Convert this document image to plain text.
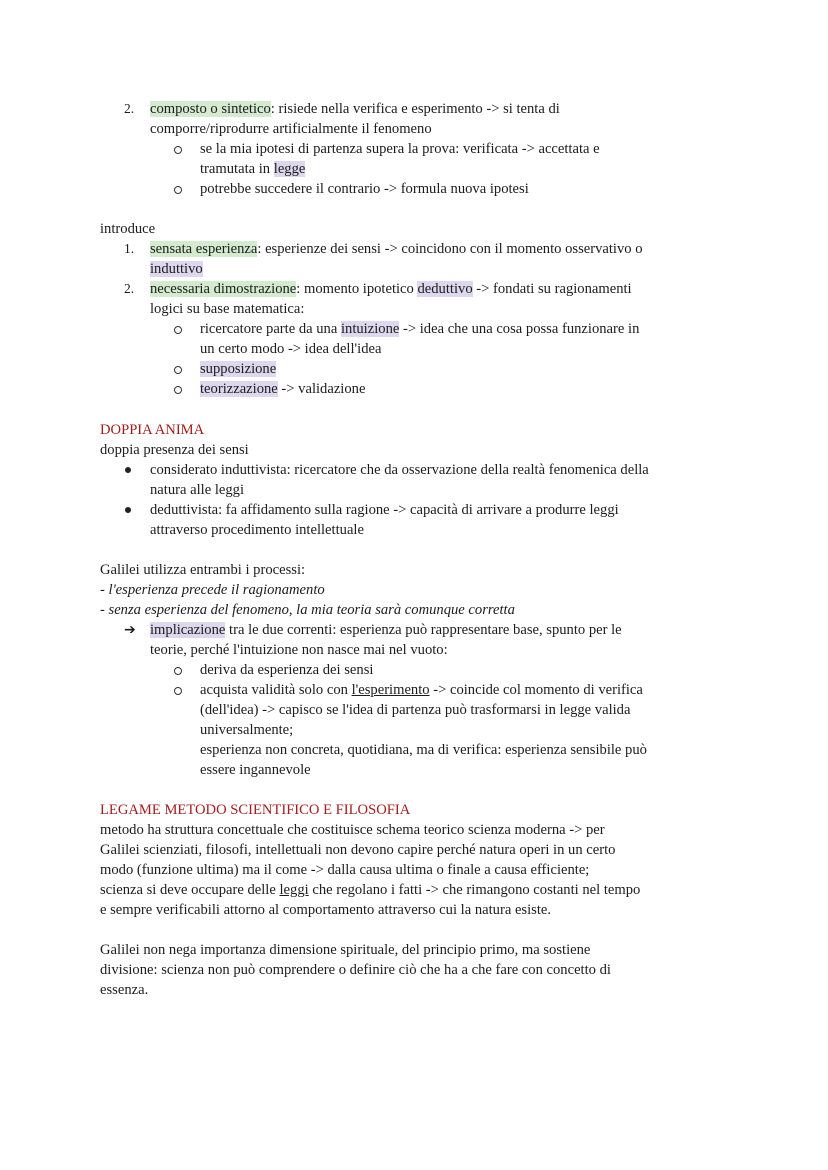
2. composto o sintetico: risiede nella verifica e esperimento -> si tenta di
comporre/riprodurre artificialmente il fenomeno
se la mia ipotesi di partenza supera la prova: verificata -> accettata e
tramutata in legge
potrebbe succedere il contrario -> formula nuova ipotesi
introduce
1. sensata esperienza: esperienze dei sensi -> coincidono con il momento osservativo o
induttivo
2. necessaria dimostrazione: momento ipotetico deduttivo -> fondati su ragionamenti
logici su base matematica:
ricercatore parte da una intuizione -> idea che una cosa possa funzionare in
un certo modo -> idea dell'idea
supposizione
teorizzazione -> validazione
DOPPIA ANIMA
doppia presenza dei sensi
considerato induttivista: ricercatore che da osservazione della realtà fenomenica della
natura alle leggi
deduttivista: fa affidamento sulla ragione -> capacità di arrivare a produrre leggi
attraverso procedimento intellettuale
Galilei utilizza entrambi i processi:
- l'esperienza precede il ragionamento
- senza esperienza del fenomeno, la mia teoria sarà comunque corretta
➔ implicazione tra le due correnti: esperienza può rappresentare base, spunto per le
teorie, perché l'intuizione non nasce mai nel vuoto:
deriva da esperienza dei sensi
acquista validità solo con l'esperimento -> coincide col momento di verifica
(dell'idea) -> capisco se l'idea di partenza può trasformarsi in legge valida
universalmente;
esperienza non concreta, quotidiana, ma di verifica: esperienza sensibile può
essere ingannevole
LEGAME METODO SCIENTIFICO E FILOSOFIA
metodo ha struttura concettuale che costituisce schema teorico scienza moderna -> per
Galilei scienziati, filosofi, intellettuali non devono capire perché natura operi in un certo
modo (funzione ultima) ma il come -> dalla causa ultima o finale a causa efficiente;
scienza si deve occupare delle leggi che regolano i fatti -> che rimangono costanti nel tempo
e sempre verificabili attorno al comportamento attraverso cui la natura esiste.
Galilei non nega importanza dimensione spirituale, del principio primo, ma sostiene
divisione: scienza non può comprendere o definire ciò che ha a che fare con concetto di
essenza.
